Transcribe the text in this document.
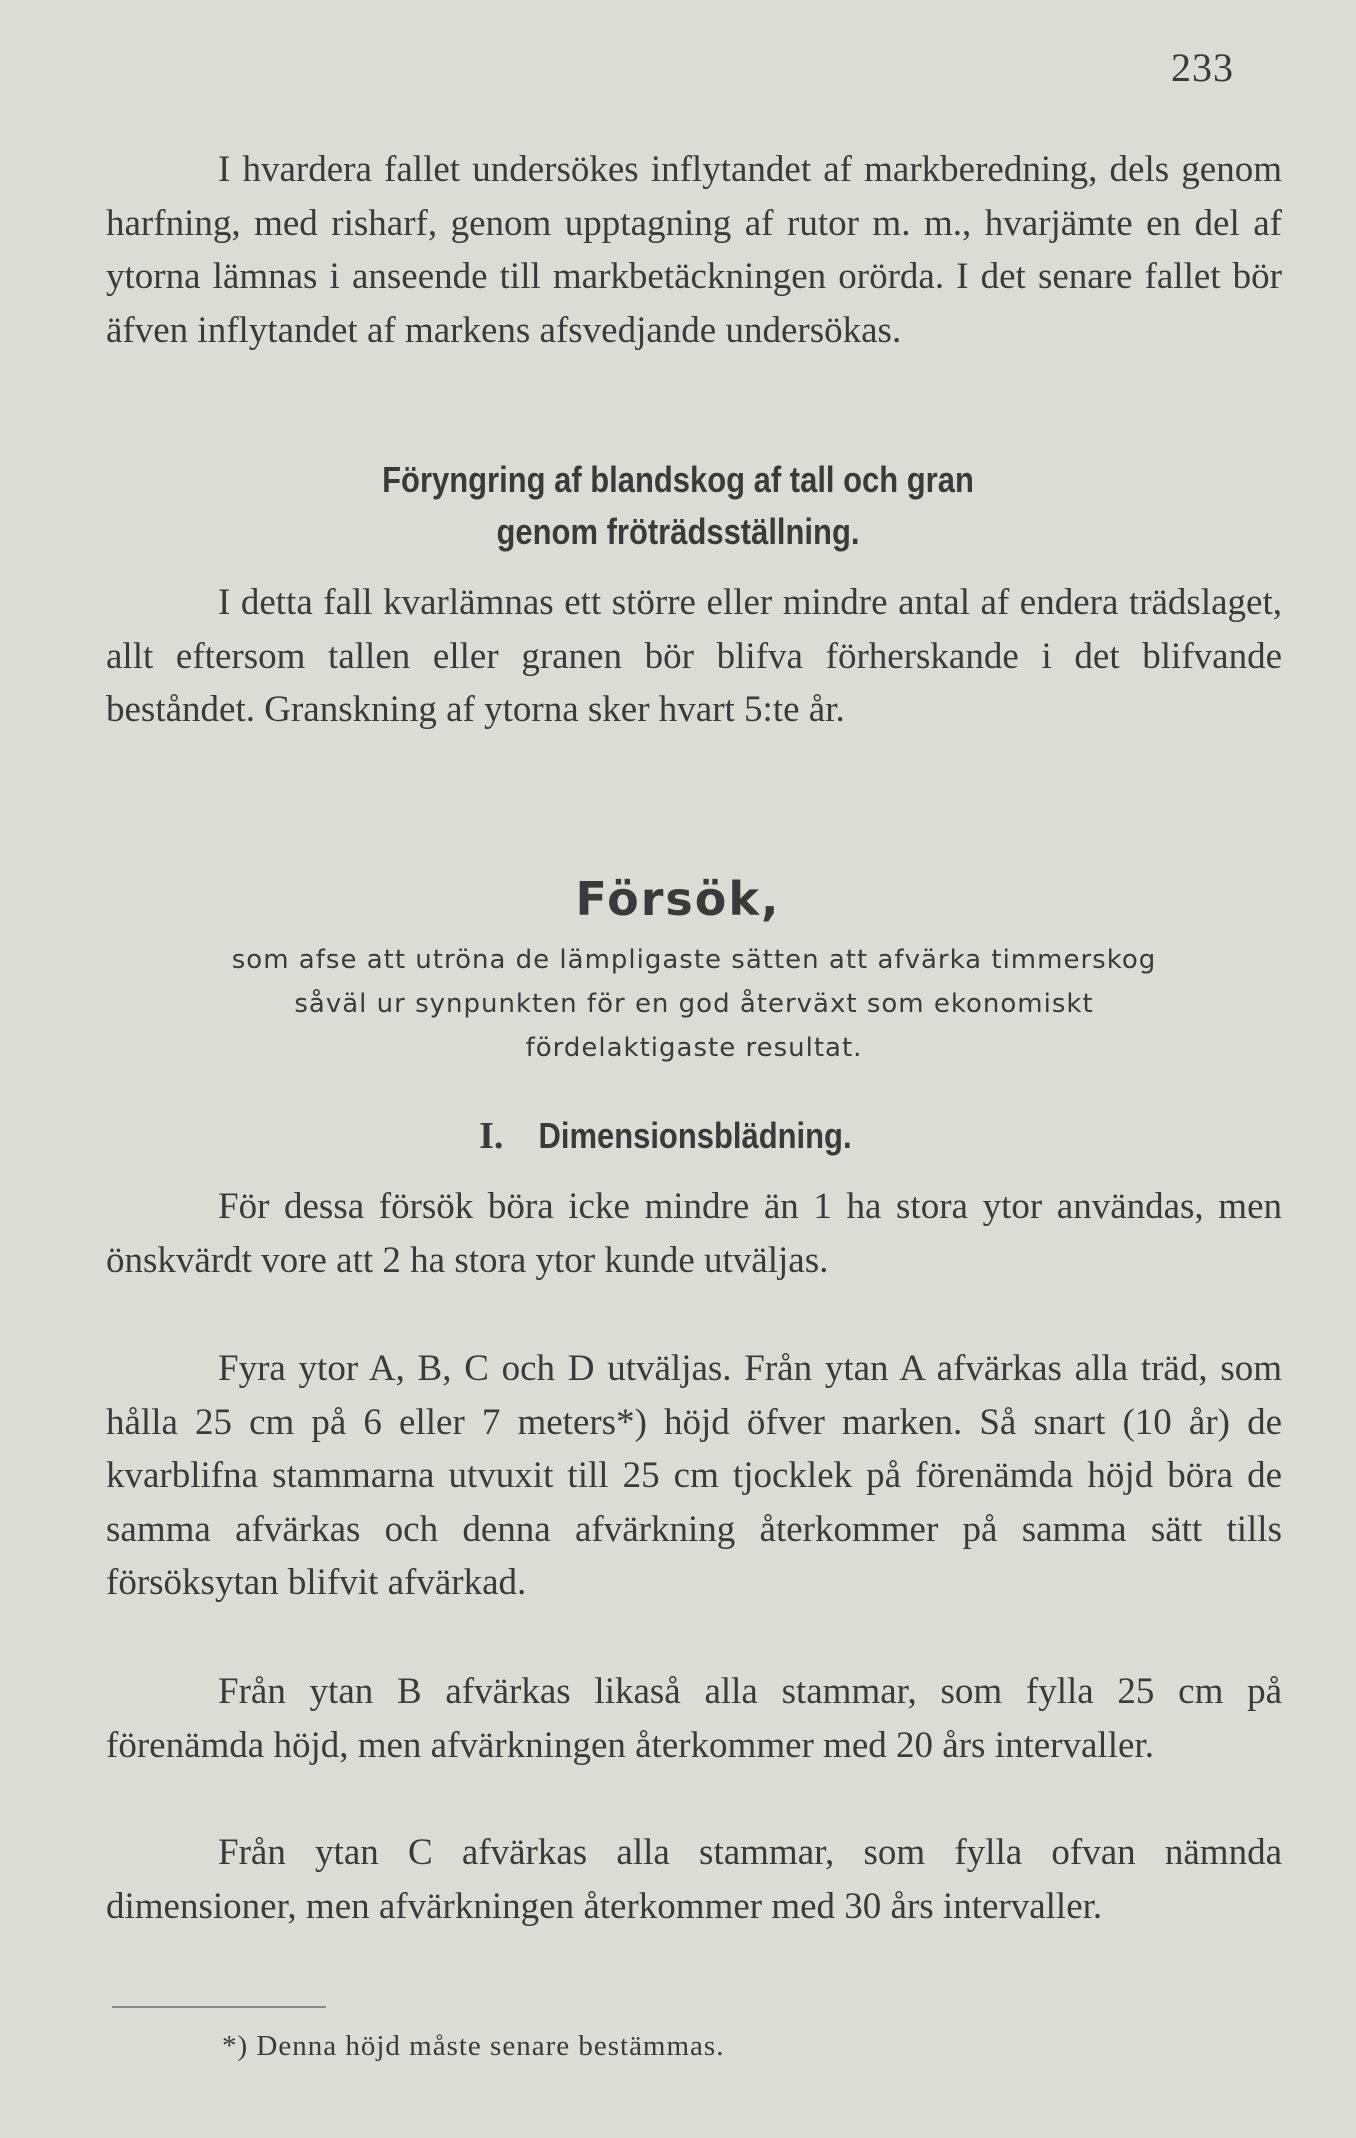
233

I hvardera fallet undersökes inflytandet af markberedning, dels genom harfning, med risharf, genom upptagning af rutor m. m., hvarjämte en del af ytorna lämnas i anseende till markbetäckningen orörda. I det senare fallet bör äfven inflytandet af markens afsvedjande undersökas.

Föryngring af blandskog af tall och gran
genom fröträdsställning.

I detta fall kvarlämnas ett större eller mindre antal af endera trädslaget, allt eftersom tallen eller granen bör blifva förherskande i det blifvande beståndet. Granskning af ytorna sker hvart 5:te år.

Försök,
som afse att utröna de lämpligaste sätten att afvärka timmerskog
såväl ur synpunkten för en god återväxt som ekonomiskt
fördelaktigaste resultat.
I. Dimensionsblädning.

För dessa försök böra icke mindre än 1 ha stora ytor användas, men önskvärdt vore att 2 ha stora ytor kunde utväljas.

Fyra ytor A, B, C och D utväljas. Från ytan A afvärkas alla träd, som hålla 25 cm på 6 eller 7 meters*) höjd öfver marken. Så snart (10 år) de kvarblifna stammarna utvuxit till 25 cm tjocklek på förenämda höjd böra de samma afvärkas och denna afvärkning återkommer på samma sätt tills försöksytan blifvit afvärkad.

Från ytan B afvärkas likaså alla stammar, som fylla 25 cm på förenämda höjd, men afvärkningen återkommer med 20 års intervaller.

Från ytan C afvärkas alla stammar, som fylla ofvan nämnda dimensioner, men afvärkningen återkommer med 30 års intervaller.

*) Denna höjd måste senare bestämmas.
